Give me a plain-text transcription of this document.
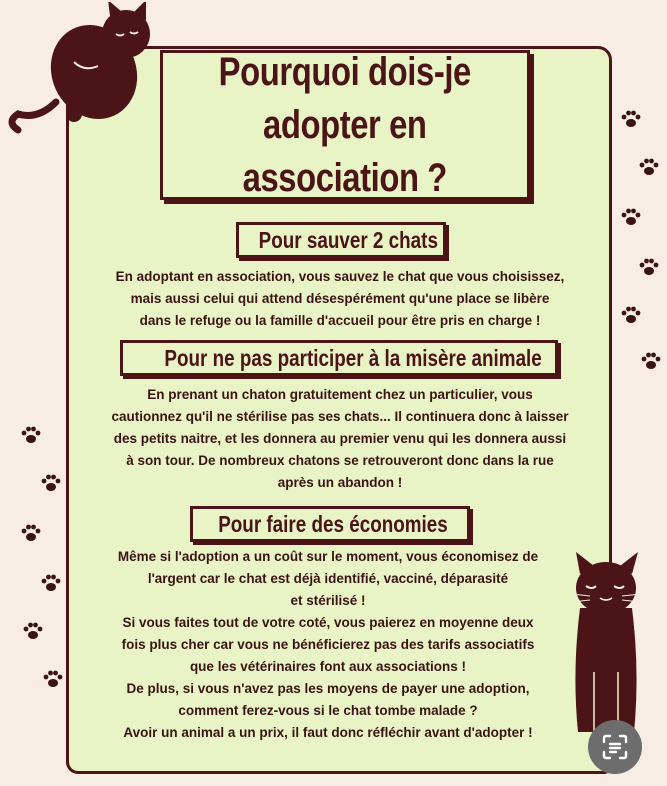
Pourquoi dois-je
adopter en
association ?
Pour sauver 2 chats

En adoptant en association, vous sauvez le chat que vous choisissez,

mais aussi celui qui attend désespérément qu'une place se libère

dans le refuge ou la famille d'accueil pour être pris en charge !

Pour ne pas participer à la misère animale

En prenant un chaton gratuitement chez un particulier, vous

cautionnez qu'il ne stérilise pas ses chats... Il continuera donc à laisser

des petits naitre, et les donnera au premier venu qui les donnera aussi

à son tour. De nombreux chatons se retrouveront donc dans la rue

après un abandon !

Pour faire des économies

Même si l'adoption a un coût sur le moment, vous économisez de

l'argent car le chat est déjà identifié, vacciné, déparasité

et stérilisé !

Si vous faites tout de votre coté, vous paierez en moyenne deux

fois plus cher car vous ne bénéficierez pas des tarifs associatifs

que les vétérinaires font aux associations !

De plus, si vous n'avez pas les moyens de payer une adoption,

comment ferez-vous si le chat tombe malade ?

Avoir un animal a un prix, il faut donc réfléchir avant d'adopter !
